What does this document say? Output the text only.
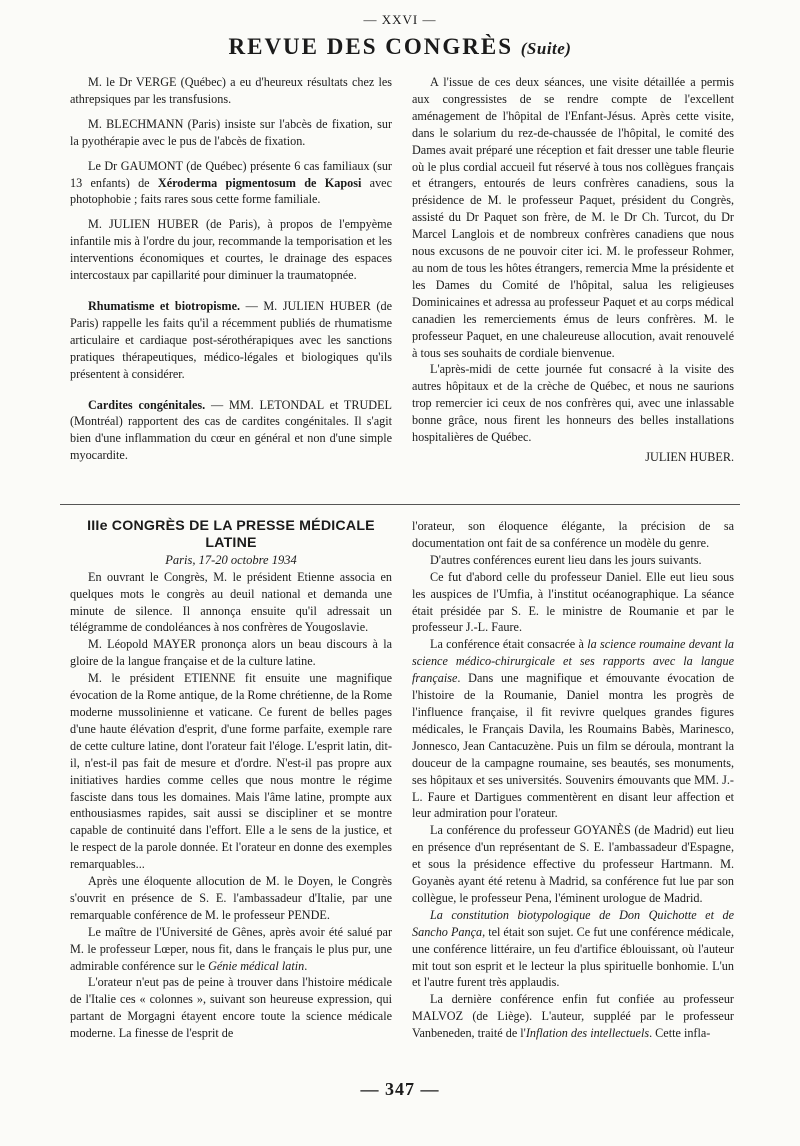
— XXVI —
REVUE DES CONGRÈS (Suite)

M. le Dr VERGE (Québec) a eu d'heureux résultats chez les athrepsiques par les transfusions.

M. BLECHMANN (Paris) insiste sur l'abcès de fixation, sur la pyothérapie avec le pus de l'abcès de fixation.

Le Dr GAUMONT (de Québec) présente 6 cas familiaux (sur 13 enfants) de Xéroderma pigmentosum de Kaposi avec photophobie ; faits rares sous cette forme familiale.

M. JULIEN HUBER (de Paris), à propos de l'empyème infantile mis à l'ordre du jour, recommande la temporisation et les interventions économiques et courtes, le drainage des espaces intercostaux par capillarité pour diminuer la traumatopnée.

Rhumatisme et biotropisme. — M. JULIEN HUBER (de Paris) rappelle les faits qu'il a récemment publiés de rhumatisme articulaire et cardiaque post-sérothérapiques avec les sanctions pratiques thérapeutiques, médico-légales et biologiques qu'ils présentent à considérer.

Cardites congénitales. — MM. LETONDAL et TRUDEL (Montréal) rapportent des cas de cardites congénitales. Il s'agit bien d'une inflammation du cœur en général et non d'une simple myocardite.

A l'issue de ces deux séances, une visite détaillée a permis aux congressistes de se rendre compte de l'excellent aménagement de l'hôpital de l'Enfant-Jésus. Après cette visite, dans le solarium du rez-de-chaussée de l'hôpital, le comité des Dames avait préparé une réception et fait dresser une table fleurie où le plus cordial accueil fut réservé à tous nos collègues français et étrangers, entourés de leurs confrères canadiens, sous la présidence de M. le professeur Paquet, président du Congrès, assisté du Dr Paquet son frère, de M. le Dr Ch. Turcot, du Dr Marcel Langlois et de nombreux confrères canadiens que nous nous excusons de ne pouvoir citer ici. M. le professeur Rohmer, au nom de tous les hôtes étrangers, remercia Mme la présidente et les Dames du Comité de l'hôpital, salua les religieuses Dominicaines et adressa au professeur Paquet et au corps médical canadien les remerciements émus de leurs confrères. M. le professeur Paquet, en une chaleureuse allocution, avait renouvelé à tous ses souhaits de cordiale bienvenue.

L'après-midi de cette journée fut consacré à la visite des autres hôpitaux et de la crèche de Québec, et nous ne saurions trop remercier ici ceux de nos confrères qui, avec une inlassable bonne grâce, nous firent les honneurs des belles installations hospitalières de Québec.

JULIEN HUBER.

IIIe CONGRÈS DE LA PRESSE MÉDICALE LATINE

Paris, 17-20 octobre 1934

En ouvrant le Congrès, M. le président Etienne associa en quelques mots le congrès au deuil national et demanda une minute de silence. Il annonça ensuite qu'il adressait un télégramme de condoléances à nos confrères de Yougoslavie.

M. Léopold MAYER prononça alors un beau discours à la gloire de la langue française et de la culture latine.

M. le président ETIENNE fit ensuite une magnifique évocation de la Rome antique, de la Rome chrétienne, de la Rome moderne mussolinienne et vaticane. Ce furent de belles pages d'une haute élévation d'esprit, d'une forme parfaite, exemple rare de cette culture latine, dont l'orateur fait l'éloge. L'esprit latin, dit-il, n'est-il pas fait de mesure et d'ordre. N'est-il pas propre aux initiatives hardies comme celles que nous montre le régime fasciste dans tous les domaines. Mais l'âme latine, prompte aux enthousiasmes rapides, sait aussi se discipliner et se montre capable de continuité dans l'effort. Elle a le sens de la justice, et le respect de la parole donnée. Et l'orateur en donne des exemples remarquables...

Après une éloquente allocution de M. le Doyen, le Congrès s'ouvrit en présence de S. E. l'ambassadeur d'Italie, par une remarquable conférence de M. le professeur PENDE.

Le maître de l'Université de Gênes, après avoir été salué par M. le professeur Lœper, nous fit, dans le français le plus pur, une admirable conférence sur le Génie médical latin.

L'orateur n'eut pas de peine à trouver dans l'histoire médicale de l'Italie ces « colonnes », suivant son heureuse expression, qui partant de Morgagni étayent encore toute la science médicale moderne. La finesse de l'esprit de

l'orateur, son éloquence élégante, la précision de sa documentation ont fait de sa conférence un modèle du genre.

D'autres conférences eurent lieu dans les jours suivants.

Ce fut d'abord celle du professeur Daniel. Elle eut lieu sous les auspices de l'Umfia, à l'institut océanographique. La séance était présidée par S. E. le ministre de Roumanie et par le professeur J.-L. Faure.

La conférence était consacrée à la science roumaine devant la science médico-chirurgicale et ses rapports avec la langue française. Dans une magnifique et émouvante évocation de l'histoire de la Roumanie, Daniel montra les progrès de l'influence française, il fit revivre quelques grandes figures médicales, le Français Davila, les Roumains Babès, Marinesco, Jonnesco, Jean Cantacuzène. Puis un film se déroula, montrant la douceur de la campagne roumaine, ses beautés, ses monuments, ses hôpitaux et ses universités. Souvenirs émouvants que MM. J.-L. Faure et Dartigues commentèrent en disant leur affection et leur admiration pour l'orateur.

La conférence du professeur GOYANÈS (de Madrid) eut lieu en présence d'un représentant de S. E. l'ambassadeur d'Espagne, et sous la présidence effective du professeur Hartmann. M. Goyanès ayant été retenu à Madrid, sa conférence fut lue par son collègue, le professeur Pena, l'éminent urologue de Madrid.

La constitution biotypologique de Don Quichotte et de Sancho Pança, tel était son sujet. Ce fut une conférence médicale, une conférence littéraire, un feu d'artifice éblouissant, où l'auteur mit tout son esprit et le lecteur la plus spirituelle bonhomie. L'un et l'autre furent très applaudis.

La dernière conférence enfin fut confiée au professeur MALVOZ (de Liège). L'auteur, suppléé par le professeur Vanbeneden, traité de l'Inflation des intellectuels. Cette infla-

— 347 —
